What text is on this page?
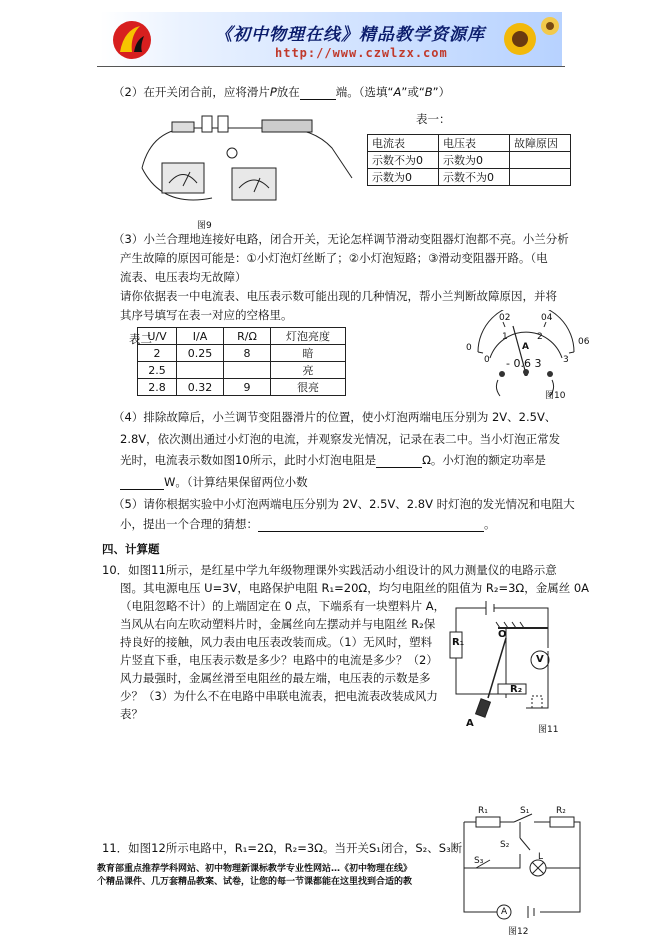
《初中物理在线》精品教学资源库
http://www.czwlzx.com
（2）在开关闭合前，应将滑片P放在	端。（选填“A”或“B”）
图9
表一：
电流表	电压表	故障原因
示数不为0	示数为0	
示数为0	示数不为0	
（3）小兰合理地连接好电路，闭合开关，无论怎样调节滑动变阻器灯泡都不亮。小兰分析
产生故障的原因可能是：①小灯泡灯丝断了；②小灯泡短路；③滑动变阻器开路。（电
流表、电压表均无故障）
请你依据表一中电流表、电压表示数可能出现的几种情况，帮小兰判断故障原因，并将
其序号填写在表一对应的空格里。
表二
U/V	I/A	R/Ω	灯泡亮度
2	0.25	8	暗
2.5			亮
2.8	0.32	9	很亮
0
02	04
06
0
1	2
3
A
- 0.6 3
图10
（4）排除故障后，小兰调节变阻器滑片的位置，使小灯泡两端电压分别为 2V、2.5V、
2.8V，依次测出通过小灯泡的电流，并观察发光情况，记录在表二中。当小灯泡正常发
光时，电流表示数如图10所示，此时小灯泡电阻是	Ω。小灯泡的额定功率是
W。（计算结果保留两位小数
（5）请你根据实验中小灯泡两端电压分别为 2V、2.5V、2.8V 时灯泡的发光情况和电阻大
小，提出一个合理的猜想：	。
四、计算题
10．如图11所示，是红星中学九年级物理课外实践活动小组设计的风力测量仪的电路示意
图。其电源电压 U=3V，电路保护电阻 R₁=20Ω，均匀电阻丝的阻值为 R₂=3Ω，金属丝 0A
（电阻忽略不计）的上端固定在 0 点，下端系有一块塑料片 A，
当风从右向左吹动塑料片时，金属丝向左摆动并与电阻丝 R₂保
持良好的接触，风力表由电压表改装而成。（1）无风时，塑料
片竖直下垂，电压表示数是多少？电路中的电流是多少？（2）
风力最强时，金属丝滑至电阻丝的最左端，电压表的示数是多
少？（3）为什么不在电路中串联电流表，把电流表改装成风力
表？
R₁
O
V
R₂
A
图11
11．如图12所示电路中，R₁=2Ω，R₂=3Ω。当开关S₁闭合，S₂、S₃断
R₁	S₁	R₂
S₂
S₃	L
A
图12
教育部重点推荐学科网站、初中物理新课标教学专业性网站…《初中物理在线》
个精品课件、几万套精品教案、试卷，让您的每一节课都能在这里找到合适的教
